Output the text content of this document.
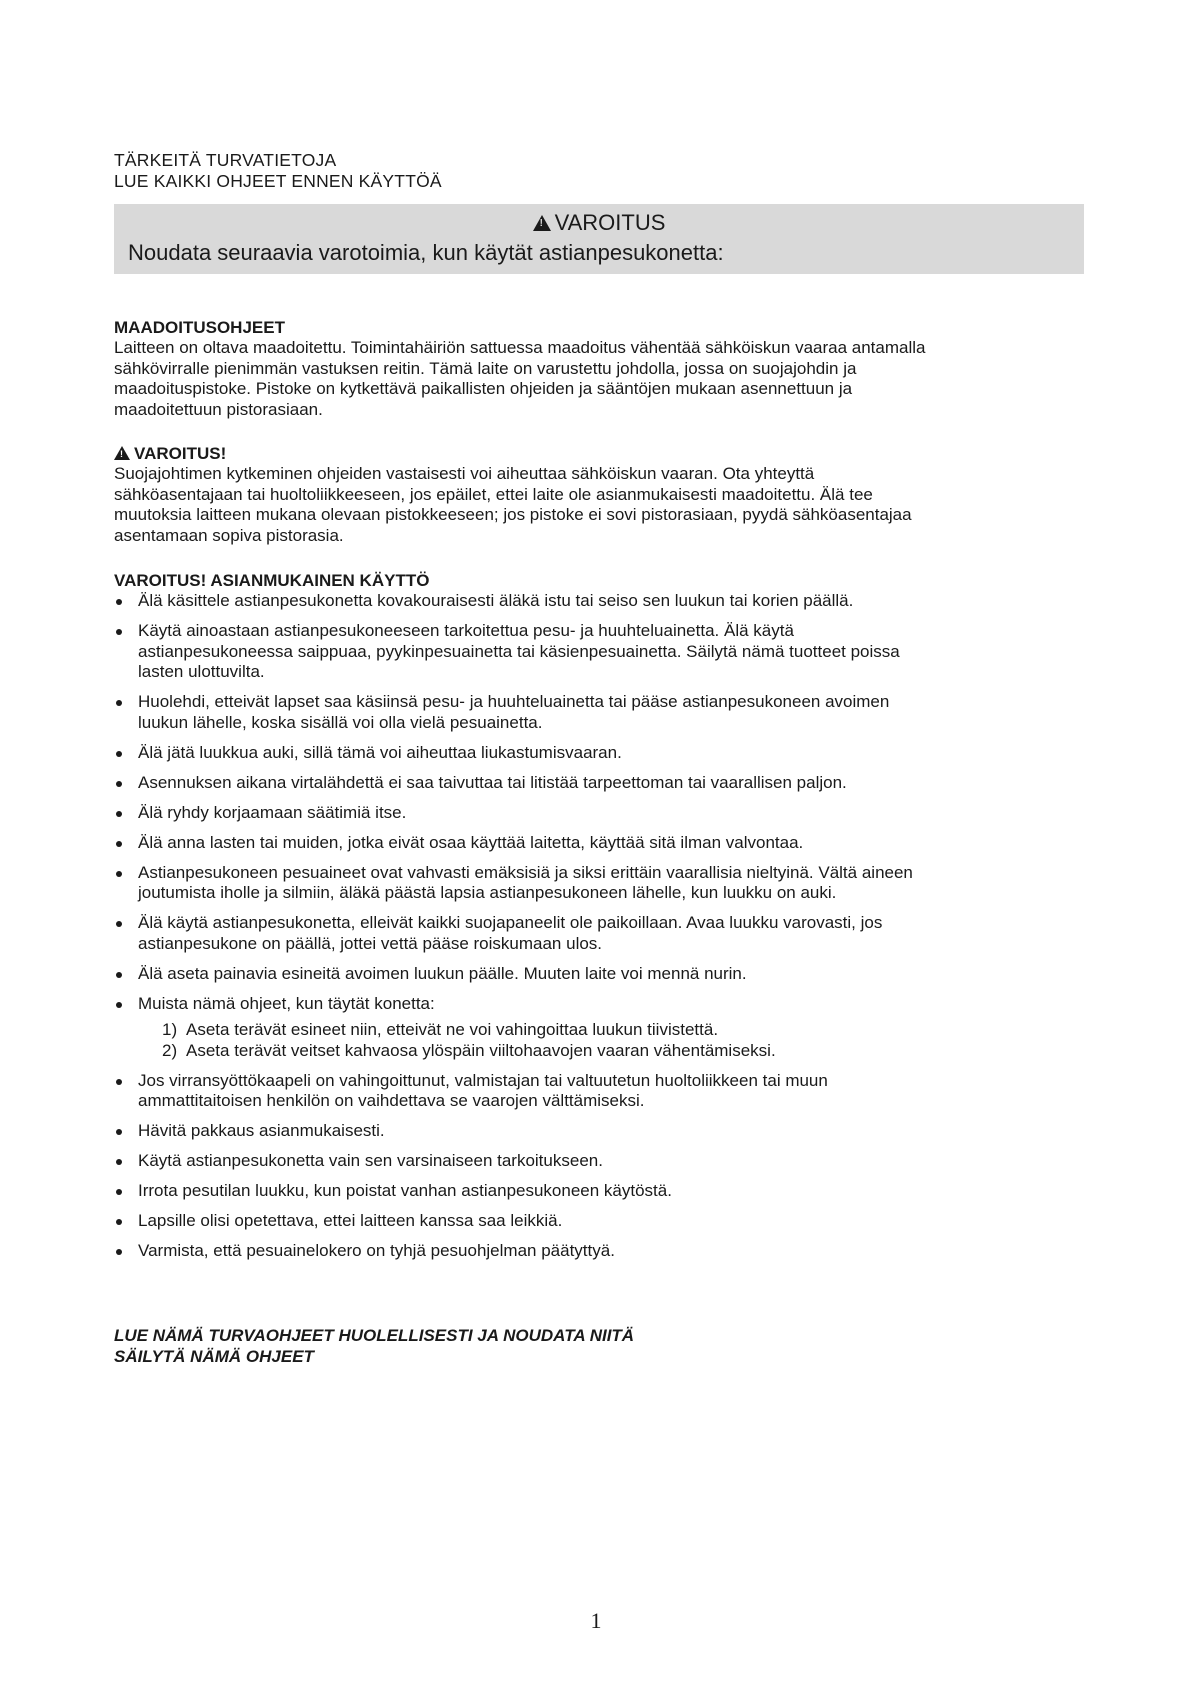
TÄRKEITÄ TURVATIETOJA
LUE KAIKKI OHJEET ENNEN KÄYTTÖÄ
!VAROITUS
Noudata seuraavia varotoimia, kun käytät astianpesukonetta:
MAADOITUSOHJEET
Laitteen on oltava maadoitettu. Toimintahäiriön sattuessa maadoitus vähentää sähköiskun vaaraa antamalla
sähkövirralle pienimmän vastuksen reitin. Tämä laite on varustettu johdolla, jossa on suojajohdin ja
maadoituspistoke. Pistoke on kytkettävä paikallisten ohjeiden ja sääntöjen mukaan asennettuun ja
maadoitettuun pistorasiaan.
!VAROITUS!
Suojajohtimen kytkeminen ohjeiden vastaisesti voi aiheuttaa sähköiskun vaaran. Ota yhteyttä
sähköasentajaan tai huoltoliikkeeseen, jos epäilet, ettei laite ole asianmukaisesti maadoitettu. Älä tee
muutoksia laitteen mukana olevaan pistokkeeseen; jos pistoke ei sovi pistorasiaan, pyydä sähköasentajaa
asentamaan sopiva pistorasia.
VAROITUS! ASIANMUKAINEN KÄYTTÖ
Älä käsittele astianpesukonetta kovakouraisesti äläkä istu tai seiso sen luukun tai korien päällä.
Käytä ainoastaan astianpesukoneeseen tarkoitettua pesu- ja huuhteluainetta. Älä käytä
astianpesukoneessa saippuaa, pyykinpesuainetta tai käsienpesuainetta. Säilytä nämä tuotteet poissa
lasten ulottuvilta.
Huolehdi, etteivät lapset saa käsiinsä pesu- ja huuhteluainetta tai pääse astianpesukoneen avoimen
luukun lähelle, koska sisällä voi olla vielä pesuainetta.
Älä jätä luukkua auki, sillä tämä voi aiheuttaa liukastumisvaaran.
Asennuksen aikana virtalähdettä ei saa taivuttaa tai litistää tarpeettoman tai vaarallisen paljon.
Älä ryhdy korjaamaan säätimiä itse.
Älä anna lasten tai muiden, jotka eivät osaa käyttää laitetta, käyttää sitä ilman valvontaa.
Astianpesukoneen pesuaineet ovat vahvasti emäksisiä ja siksi erittäin vaarallisia nieltyinä. Vältä aineen
joutumista iholle ja silmiin, äläkä päästä lapsia astianpesukoneen lähelle, kun luukku on auki.
Älä käytä astianpesukonetta, elleivät kaikki suojapaneelit ole paikoillaan. Avaa luukku varovasti, jos
astianpesukone on päällä, jottei vettä pääse roiskumaan ulos.
Älä aseta painavia esineitä avoimen luukun päälle. Muuten laite voi mennä nurin.
Muista nämä ohjeet, kun täytät konetta:
1) Aseta terävät esineet niin, etteivät ne voi vahingoittaa luukun tiivistettä.
2) Aseta terävät veitset kahvaosa ylöspäin viiltohaavojen vaaran vähentämiseksi.
Jos virransyöttökaapeli on vahingoittunut, valmistajan tai valtuutetun huoltoliikkeen tai muun
ammattitaitoisen henkilön on vaihdettava se vaarojen välttämiseksi.
Hävitä pakkaus asianmukaisesti.
Käytä astianpesukonetta vain sen varsinaiseen tarkoitukseen.
Irrota pesutilan luukku, kun poistat vanhan astianpesukoneen käytöstä.
Lapsille olisi opetettava, ettei laitteen kanssa saa leikkiä.
Varmista, että pesuainelokero on tyhjä pesuohjelman päätyttyä.
LUE NÄMÄ TURVAOHJEET HUOLELLISESTI JA NOUDATA NIITÄ
SÄILYTÄ NÄMÄ OHJEET
1
